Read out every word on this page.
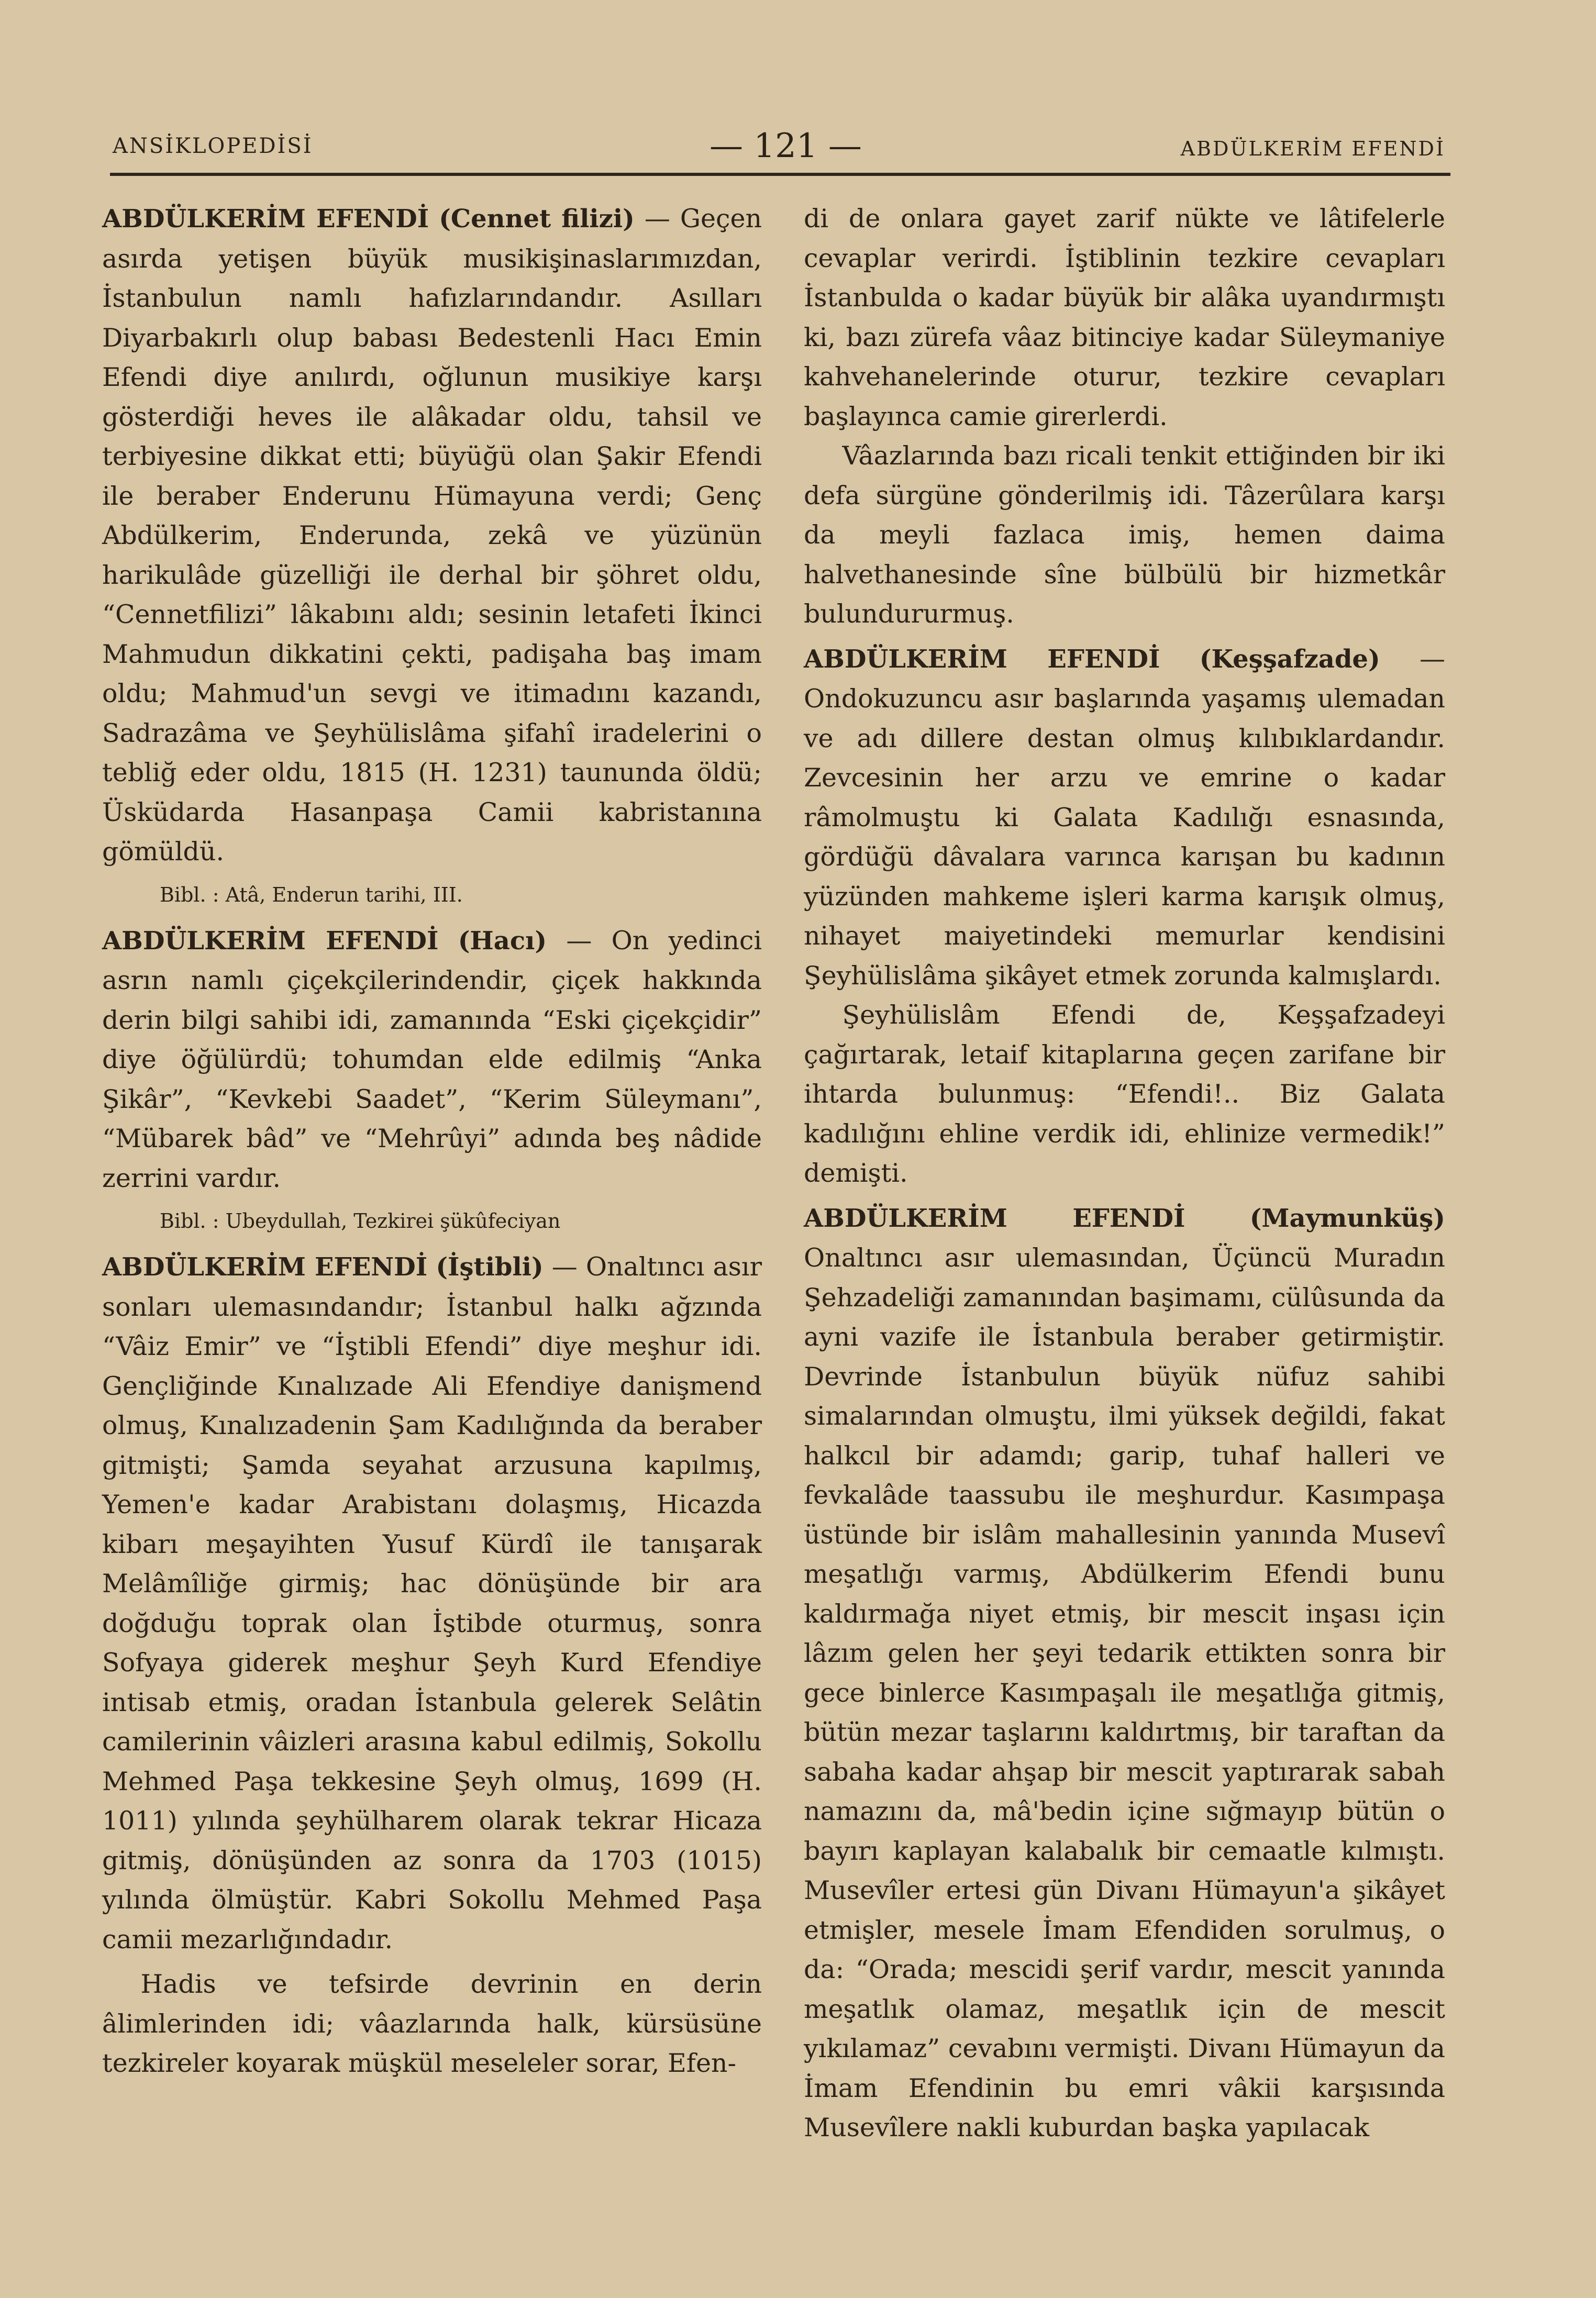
ANSİKLOPEDİSİ	— 121 —	ABDÜLKERİM EFENDİ

ABDÜLKERİM EFENDİ (Cennet filizi) — Geçen asırda yetişen büyük musikişinaslarımızdan, İstanbulun namlı hafızlarındandır. Asılları Diyarbakırlı olup babası Bedestenli Hacı Emin Efendi diye anılırdı, oğlunun musikiye karşı gösterdiği heves ile alâkadar oldu, tahsil ve terbiyesine dikkat etti; büyüğü olan Şakir Efendi ile beraber Enderunu Hümayuna verdi; Genç Abdülkerim, Enderunda, zekâ ve yüzünün harikulâde güzelliği ile derhal bir şöhret oldu, “Cennetfilizi” lâkabını aldı; sesinin letafeti İkinci Mahmudun dikkatini çekti, padişaha baş imam oldu; Mahmud'un sevgi ve itimadını kazandı, Sadrazâma ve Şeyhülislâma şifahî iradelerini o tebliğ eder oldu, 1815 (H. 1231) taununda öldü; Üsküdarda Hasanpaşa Camii kabristanına gömüldü.

Bibl. : Atâ, Enderun tarihi, III.

ABDÜLKERİM EFENDİ (Hacı) — On yedinci asrın namlı çiçekçilerindendir, çiçek hakkında derin bilgi sahibi idi, zamanında “Eski çiçekçidir” diye öğülürdü; tohumdan elde edilmiş “Anka Şikâr”, “Kevkebi Saadet”, “Kerim Süleymanı”, “Mübarek bâd” ve “Mehrûyi” adında beş nâdide zerrini vardır.

Bibl. : Ubeydullah, Tezkirei şükûfeciyan

ABDÜLKERİM EFENDİ (İştibli) — Onaltıncı asır sonları ulemasındandır; İstanbul halkı ağzında “Vâiz Emir” ve “İştibli Efendi” diye meşhur idi. Gençliğinde Kınalızade Ali Efendiye danişmend olmuş, Kınalızadenin Şam Kadılığında da beraber gitmişti; Şamda seyahat arzusuna kapılmış, Yemen'e kadar Arabistanı dolaşmış, Hicazda kibarı meşayihten Yusuf Kürdî ile tanışarak Melâmîliğe girmiş; hac dönüşünde bir ara doğduğu toprak olan İştibde oturmuş, sonra Sofyaya giderek meşhur Şeyh Kurd Efendiye intisab etmiş, oradan İstanbula gelerek Selâtin camilerinin vâizleri arasına kabul edilmiş, Sokollu Mehmed Paşa tekkesine Şeyh olmuş, 1699 (H. 1011) yılında şeyhülharem olarak tekrar Hicaza gitmiş, dönüşünden az sonra da 1703 (1015) yılında ölmüştür. Kabri Sokollu Mehmed Paşa camii mezarlığındadır.

Hadis ve tefsirde devrinin en derin âlimlerinden idi; vâazlarında halk, kürsüsüne tezkireler koyarak müşkül meseleler sorar, Efen-

di de onlara gayet zarif nükte ve lâtifelerle cevaplar verirdi. İştiblinin tezkire cevapları İstanbulda o kadar büyük bir alâka uyandırmıştı ki, bazı zürefa vâaz bitinciye kadar Süleymaniye kahvehanelerinde oturur, tezkire cevapları başlayınca camie girerlerdi.

Vâazlarında bazı ricali tenkit ettiğinden bir iki defa sürgüne gönderilmiş idi. Tâzerûlara karşı da meyli fazlaca imiş, hemen daima halvethanesinde sîne bülbülü bir hizmetkâr bulundururmuş.

ABDÜLKERİM EFENDİ (Keşşafzade) — Ondokuzuncu asır başlarında yaşamış ulemadan ve adı dillere destan olmuş kılıbıklardandır. Zevcesinin her arzu ve emrine o kadar râmolmuştu ki Galata Kadılığı esnasında, gördüğü dâvalara varınca karışan bu kadının yüzünden mahkeme işleri karma karışık olmuş, nihayet maiyetindeki memurlar kendisini Şeyhülislâma şikâyet etmek zorunda kalmışlardı.

Şeyhülislâm Efendi de, Keşşafzadeyi çağırtarak, letaif kitaplarına geçen zarifane bir ihtarda bulunmuş: “Efendi!.. Biz Galata kadılığını ehline verdik idi, ehlinize vermedik!” demişti.

ABDÜLKERİM EFENDİ	(Maymunküş) Onaltıncı asır ulemasından, Üçüncü Muradın Şehzadeliği zamanından başimamı, cülûsunda da ayni vazife ile İstanbula beraber getirmiştir. Devrinde İstanbulun büyük nüfuz sahibi simalarından olmuştu, ilmi yüksek değildi, fakat halkcıl bir adamdı; garip, tuhaf halleri ve fevkalâde taassubu ile meşhurdur. Kasımpaşa üstünde bir islâm mahallesinin yanında Musevî meşatlığı varmış, Abdülkerim Efendi bunu kaldırmağa niyet etmiş, bir mescit inşası için lâzım gelen her şeyi tedarik ettikten sonra bir gece binlerce Kasımpaşalı ile meşatlığa gitmiş, bütün mezar taşlarını kaldırtmış, bir taraftan da sabaha kadar ahşap bir mescit yaptırarak sabah namazını da, mâ'bedin içine sığmayıp bütün o bayırı kaplayan kalabalık bir cemaatle kılmıştı. Musevîler ertesi gün Divanı Hümayun'a şikâyet etmişler, mesele İmam Efendiden sorulmuş, o da: “Orada; mescidi şerif vardır, mescit yanında meşatlık olamaz, meşatlık için de mescit yıkılamaz” cevabını vermişti. Divanı Hümayun da İmam Efendinin bu emri vâkii karşısında Musevîlere nakli kuburdan başka yapılacak
